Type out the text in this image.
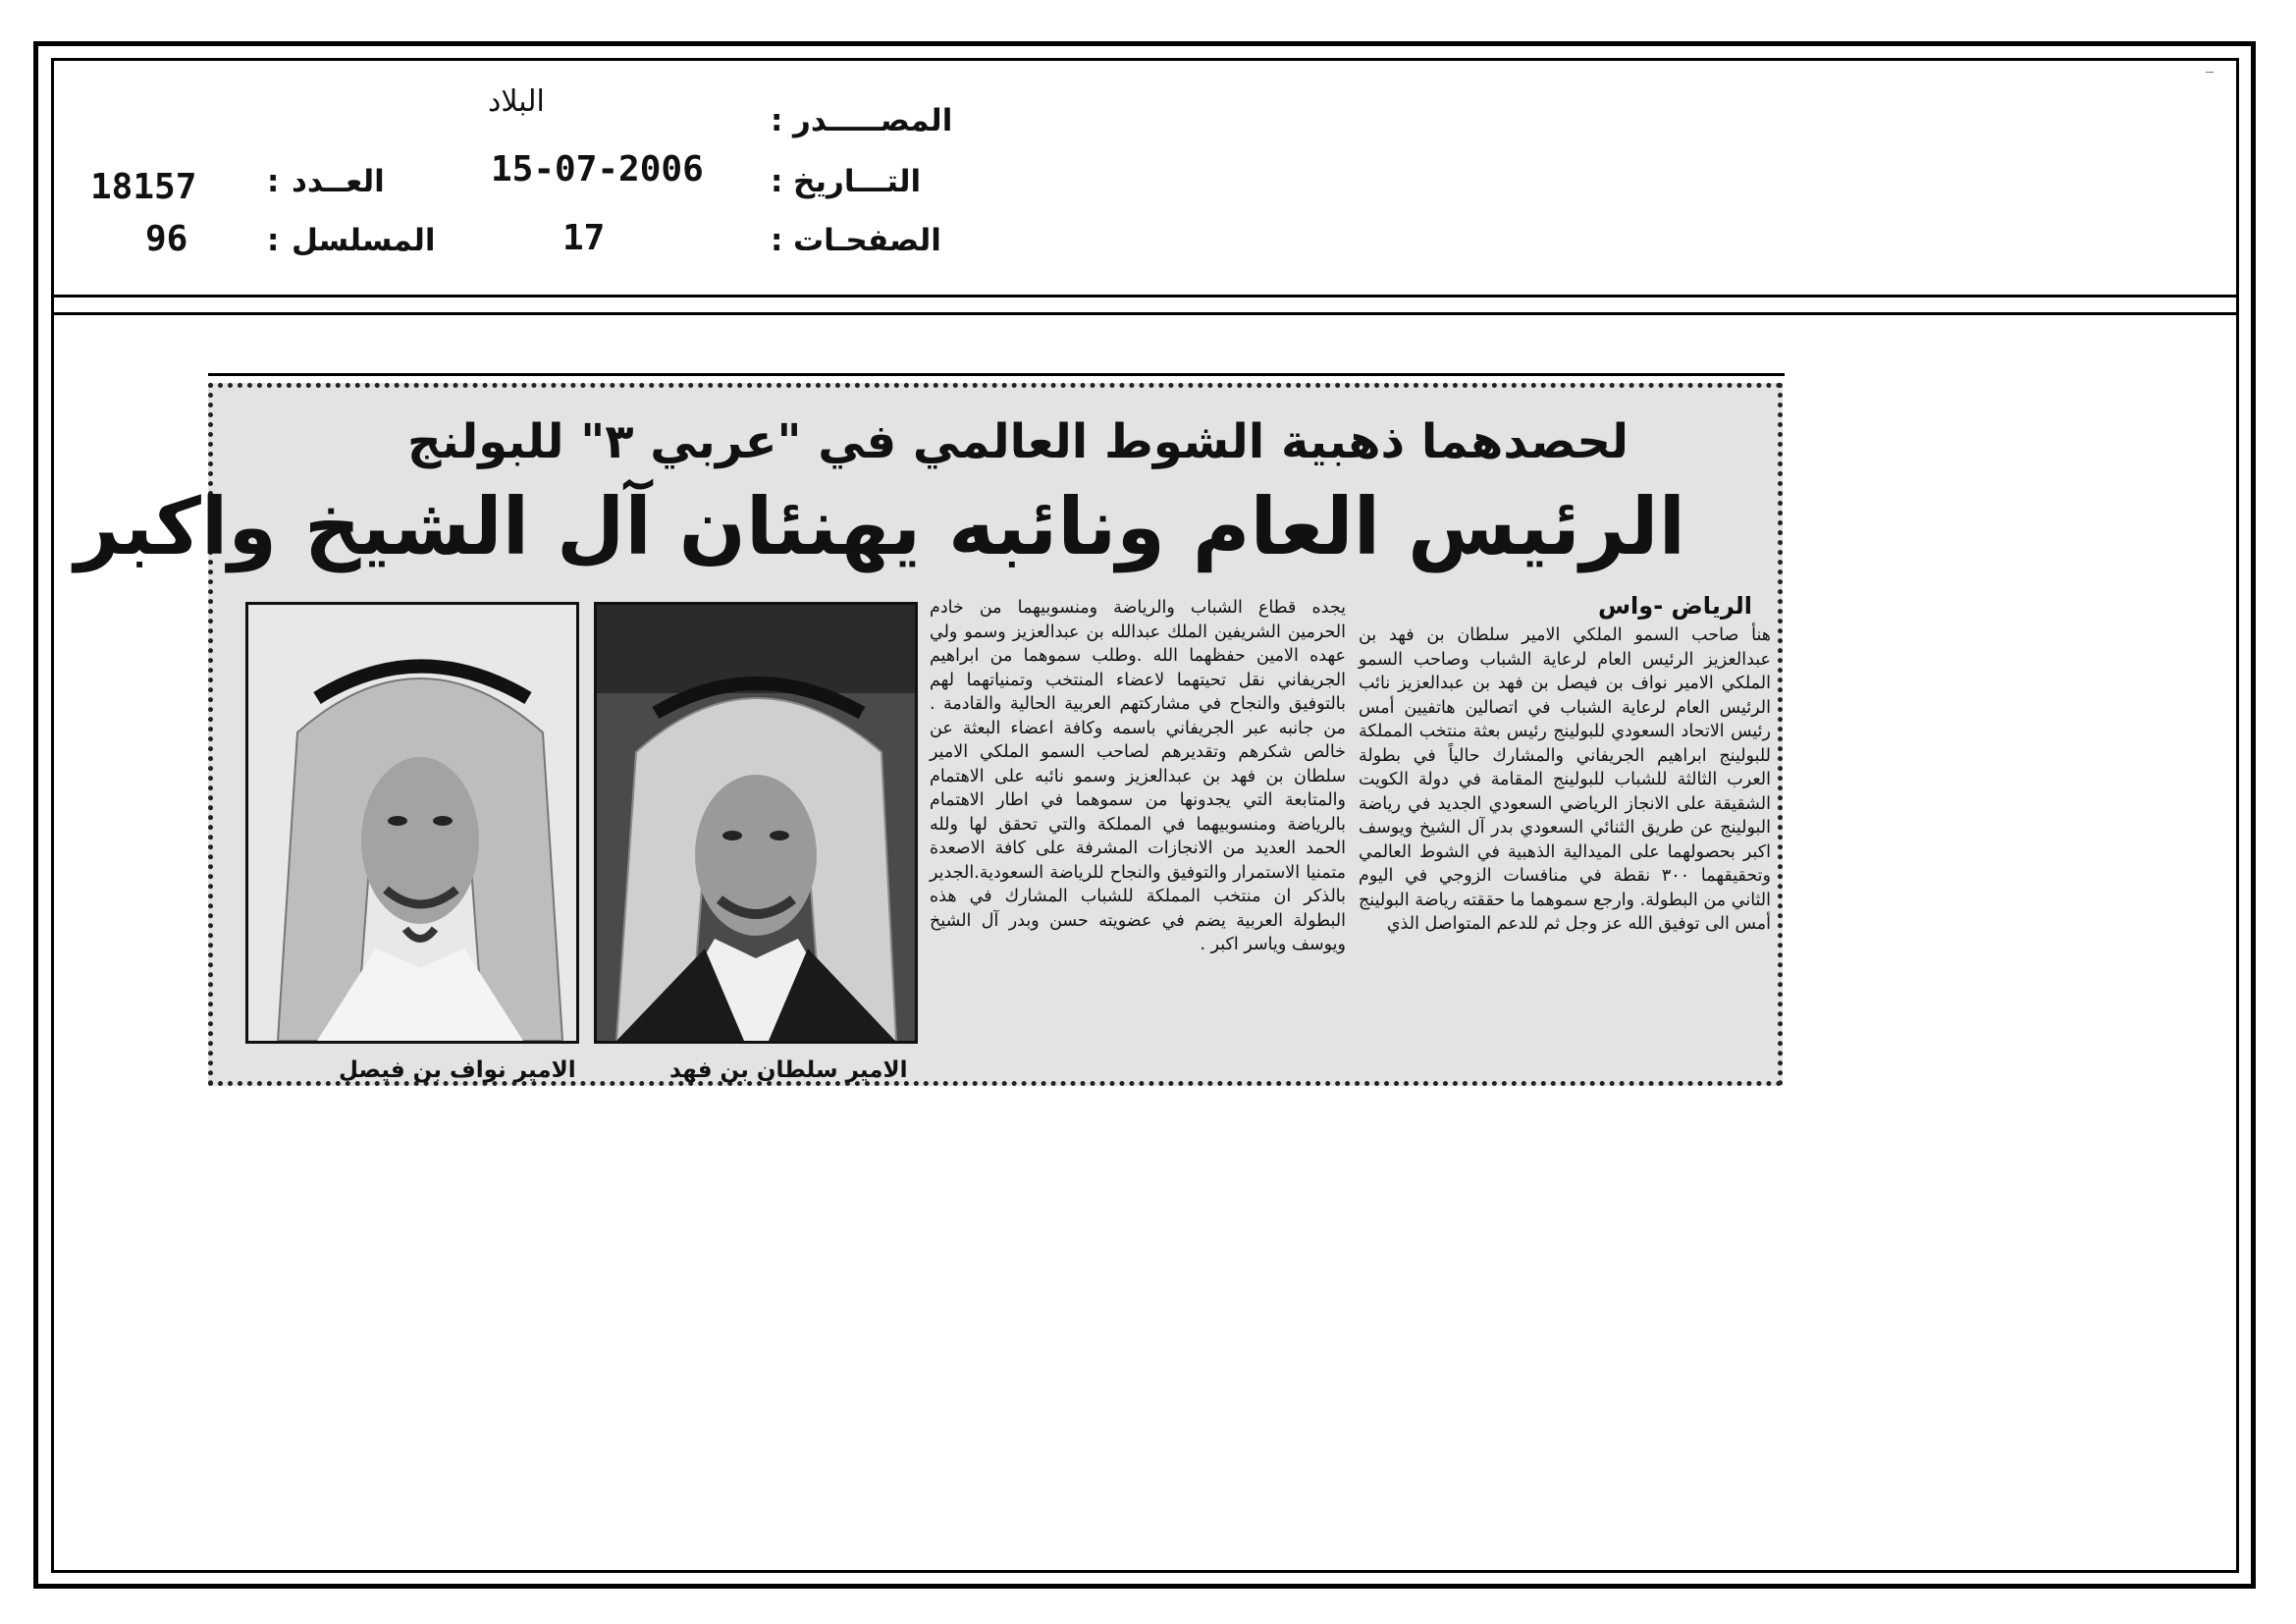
المصـــــدر
:
البلاد
التـــاريخ
:
15-07-2006
الصفحـات
:
17
العــدد
:
18157
المسلسل
:
96
لحصدهما ذهبية الشوط العالمي في "عربي ٣" للبولنج
الرئيس العام ونائبه يهنئان آل الشيخ واكبر
الرياض -واس

هنأ صاحب السمو الملكي الامير سلطان بن فهد بن عبدالعزيز الرئيس العام لرعاية الشباب وصاحب السمو الملكي الامير نواف بن فيصل بن فهد بن عبدالعزيز نائب الرئيس العام لرعاية الشباب في اتصالين هاتفيين أمس رئيس الاتحاد السعودي للبولينج رئيس بعثة منتخب المملكة للبولينج ابراهيم الجريفاني والمشارك حالياً في بطولة العرب الثالثة للشباب للبولينج المقامة في دولة الكويت الشقيقة على الانجاز الرياضي السعودي الجديد في رياضة البولينج عن طريق الثنائي السعودي بدر آل الشيخ ويوسف اكبر بحصولهما على الميدالية الذهبية في الشوط العالمي وتحقيقهما ٣٠٠ نقطة في منافسات الزوجي في اليوم الثاني من البطولة. وارجع سموهما ما حققته رياضة البولينج أمس الى توفيق الله عز وجل ثم للدعم المتواصل الذي

يجده قطاع الشباب والرياضة ومنسوبيهما من خادم الحرمين الشريفين الملك عبدالله بن عبدالعزيز وسمو ولي عهده الامين حفظهما الله .وطلب سموهما من ابراهيم الجريفاني نقل تحيتهما لاعضاء المنتخب وتمنياتهما لهم بالتوفيق والنجاح في مشاركتهم العربية الحالية والقادمة . من جانبه عبر الجريفاني باسمه وكافة اعضاء البعثة عن خالص شكرهم وتقديرهم لصاحب السمو الملكي الامير سلطان بن فهد بن عبدالعزيز وسمو نائبه على الاهتمام والمتابعة التي يجدونها من سموهما في اطار الاهتمام بالرياضة ومنسوبيهما في المملكة والتي تحقق لها ولله الحمد العديد من الانجازات المشرفة على كافة الاصعدة متمنيا الاستمرار والتوفيق والنجاح للرياضة السعودية.الجدير بالذكر ان منتخب المملكة للشباب المشارك في هذه البطولة العربية يضم في عضويته حسن وبدر آل الشيخ ويوسف وياسر اكبر .

الامير سلطان بن فهد
الامير نواف بن فيصل
